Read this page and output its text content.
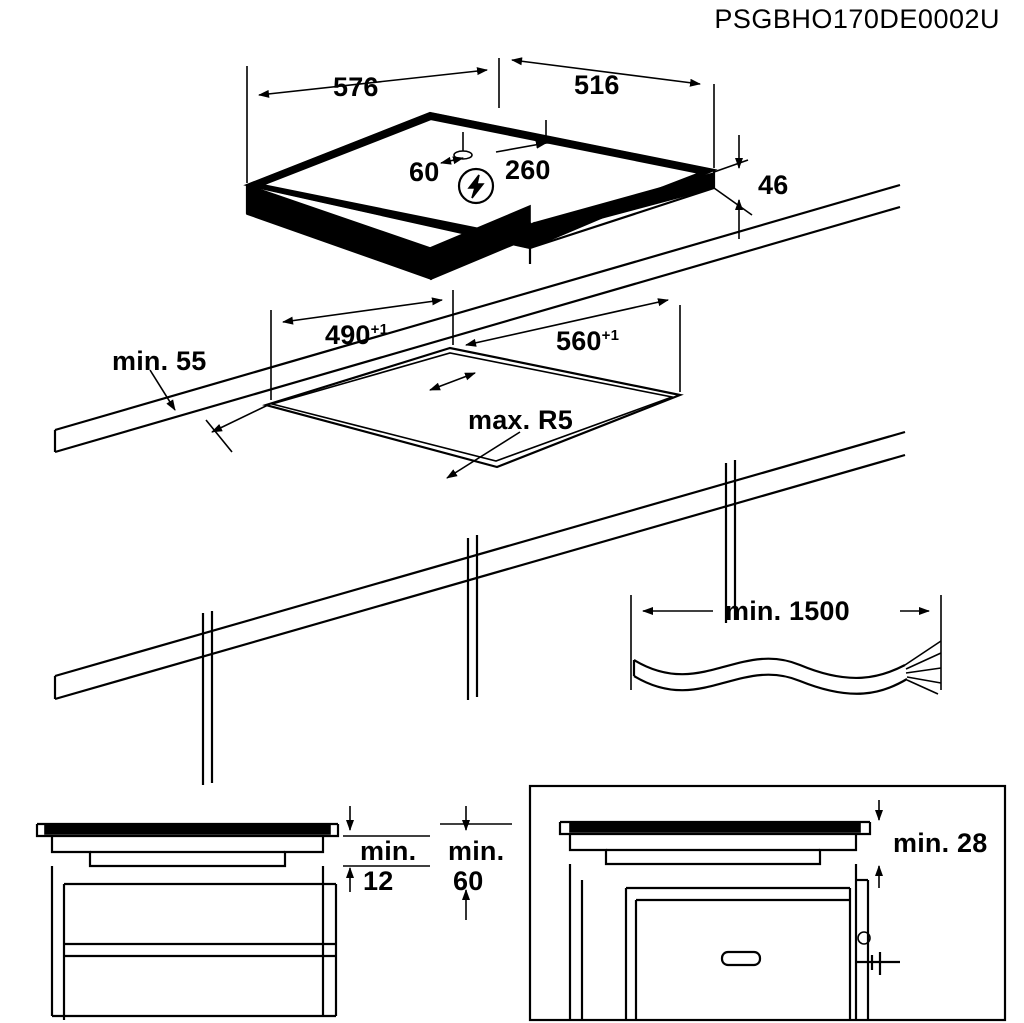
PSGBHO170DE0002U
576	516
60 260	46
min. 55
$490^{+1}$	$560^{+1}$
max. R5
min. 1500
min.
12
min.
60
min. 28
